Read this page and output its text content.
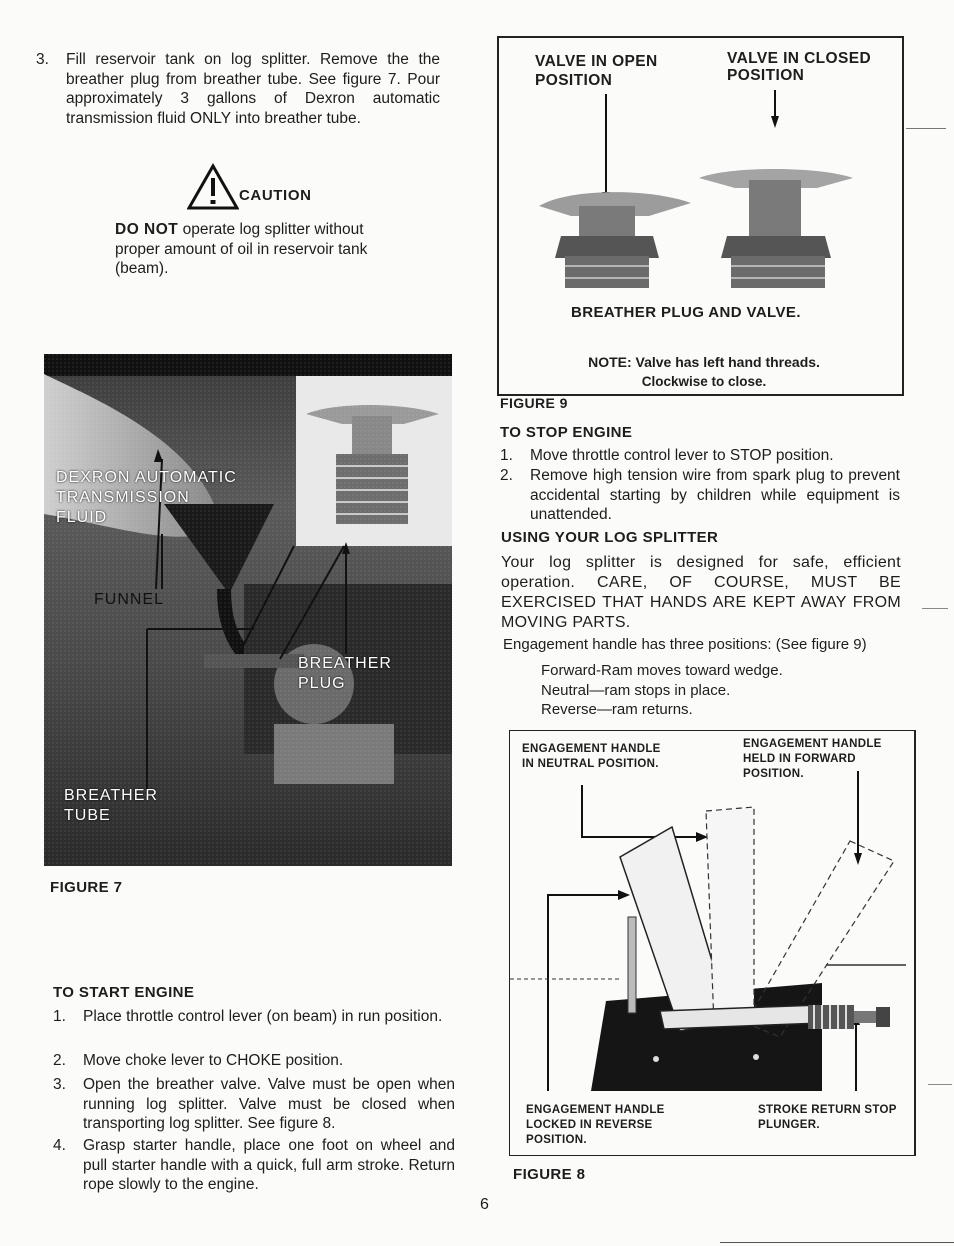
3. Fill reservoir tank on log splitter. Remove the the breather plug from breather tube. See figure 7. Pour approximately 3 gallons of Dexron automatic transmission fluid ONLY into breather tube.
CAUTION
DO NOT operate log splitter without proper amount of oil in reservoir tank (beam).
DEXRON AUTOMATIC
TRANSMISSION
FLUID
FUNNEL
BREATHER
PLUG
BREATHER
TUBE
FIGURE 7
TO START ENGINE
1. Place throttle control lever (on beam) in run position.
2. Move choke lever to CHOKE position.
3. Open the breather valve. Valve must be open when running log splitter. Valve must be closed when transporting log splitter. See figure 8.
4. Grasp starter handle, place one foot on wheel and pull starter handle with a quick, full arm stroke. Return rope slowly to the engine.
VALVE IN OPEN
POSITION
VALVE IN CLOSED
POSITION
BREATHER PLUG AND VALVE.
NOTE: Valve has left hand threads.
Clockwise to close.
FIGURE 9
TO STOP ENGINE
1. Move throttle control lever to STOP position.
2. Remove high tension wire from spark plug to prevent accidental starting by children while equipment is unattended.
USING YOUR LOG SPLITTER
Your log splitter is designed for safe, efficient operation. CARE, OF COURSE, MUST BE EXERCISED THAT HANDS ARE KEPT AWAY FROM MOVING PARTS.
Engagement handle has three positions: (See figure 9)
Forward-Ram moves toward wedge.
Neutral—ram stops in place.
Reverse—ram returns.
ENGAGEMENT HANDLE
IN NEUTRAL POSITION.
ENGAGEMENT HANDLE
HELD IN FORWARD
POSITION.
ENGAGEMENT HANDLE
LOCKED IN REVERSE
POSITION.
STROKE RETURN STOP
PLUNGER.
FIGURE 8
6
